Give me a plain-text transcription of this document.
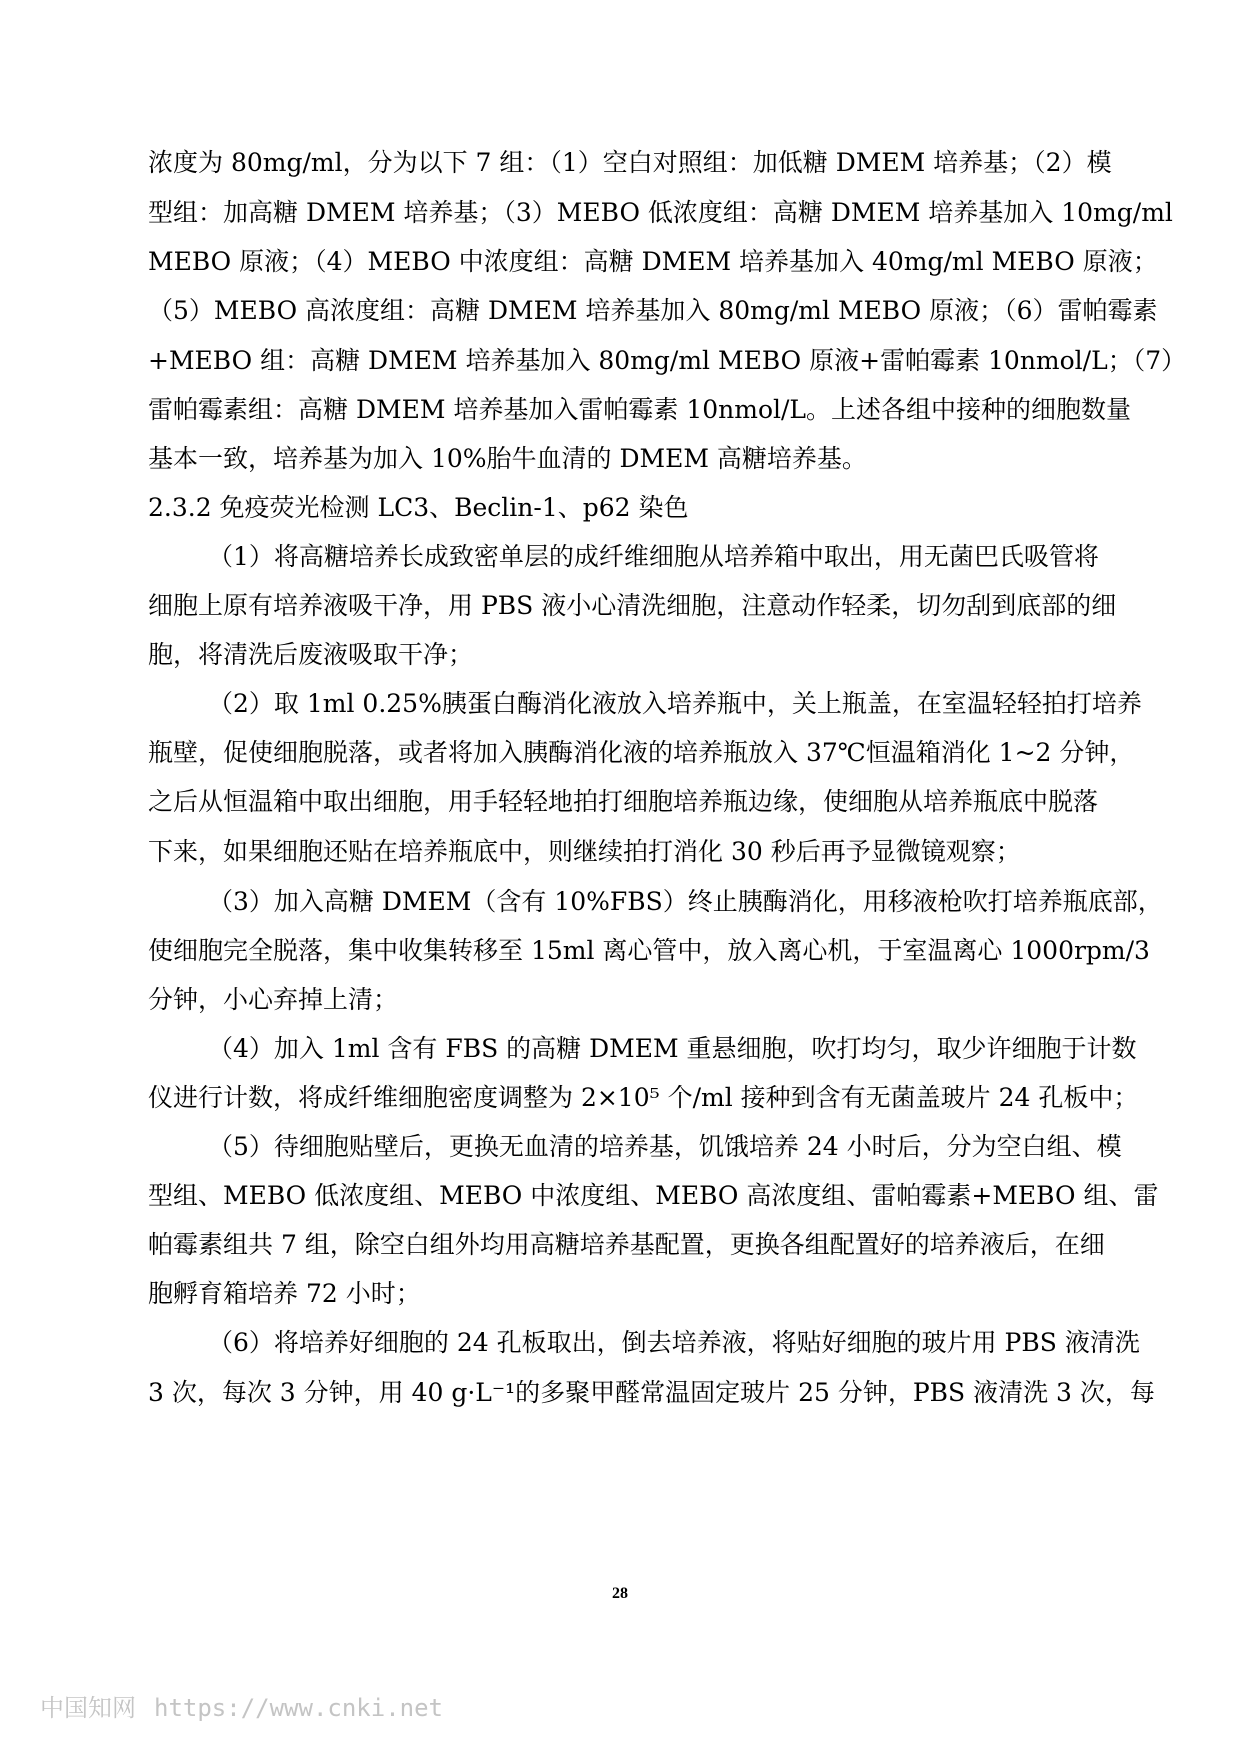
浓度为 80mg/ml，分为以下 7 组：（1）空白对照组：加低糖 DMEM 培养基；（2）模
型组：加高糖 DMEM 培养基；（3）MEBO 低浓度组：高糖 DMEM 培养基加入 10mg/ml
MEBO 原液；（4）MEBO 中浓度组：高糖 DMEM 培养基加入 40mg/ml MEBO 原液；
（5）MEBO 高浓度组：高糖 DMEM 培养基加入 80mg/ml MEBO 原液；（6）雷帕霉素
+MEBO 组：高糖 DMEM 培养基加入 80mg/ml MEBO 原液+雷帕霉素 10nmol/L；（7）
雷帕霉素组：高糖 DMEM 培养基加入雷帕霉素 10nmol/L。上述各组中接种的细胞数量
基本一致，培养基为加入 10%胎牛血清的 DMEM 高糖培养基。
2.3.2 免疫荧光检测 LC3、Beclin-1、p62 染色
（1）将高糖培养长成致密单层的成纤维细胞从培养箱中取出，用无菌巴氏吸管将
细胞上原有培养液吸干净，用 PBS 液小心清洗细胞，注意动作轻柔，切勿刮到底部的细
胞，将清洗后废液吸取干净；
（2）取 1ml 0.25%胰蛋白酶消化液放入培养瓶中，关上瓶盖，在室温轻轻拍打培养
瓶壁，促使细胞脱落，或者将加入胰酶消化液的培养瓶放入 37℃恒温箱消化 1~2 分钟，
之后从恒温箱中取出细胞，用手轻轻地拍打细胞培养瓶边缘，使细胞从培养瓶底中脱落
下来，如果细胞还贴在培养瓶底中，则继续拍打消化 30 秒后再予显微镜观察；
（3）加入高糖 DMEM（含有 10%FBS）终止胰酶消化，用移液枪吹打培养瓶底部，
使细胞完全脱落，集中收集转移至 15ml 离心管中，放入离心机，于室温离心 1000rpm/3
分钟，小心弃掉上清；
（4）加入 1ml 含有 FBS 的高糖 DMEM 重悬细胞，吹打均匀，取少许细胞于计数
仪进行计数，将成纤维细胞密度调整为 2×10⁵ 个/ml 接种到含有无菌盖玻片 24 孔板中；
（5）待细胞贴壁后，更换无血清的培养基，饥饿培养 24 小时后，分为空白组、模
型组、MEBO 低浓度组、MEBO 中浓度组、MEBO 高浓度组、雷帕霉素+MEBO 组、雷
帕霉素组共 7 组，除空白组外均用高糖培养基配置，更换各组配置好的培养液后，在细
胞孵育箱培养 72 小时；
（6）将培养好细胞的 24 孔板取出，倒去培养液，将贴好细胞的玻片用 PBS 液清洗
3 次，每次 3 分钟，用 40 g·L⁻¹的多聚甲醛常温固定玻片 25 分钟，PBS 液清洗 3 次，每
28
中国知网 https://www.cnki.net
